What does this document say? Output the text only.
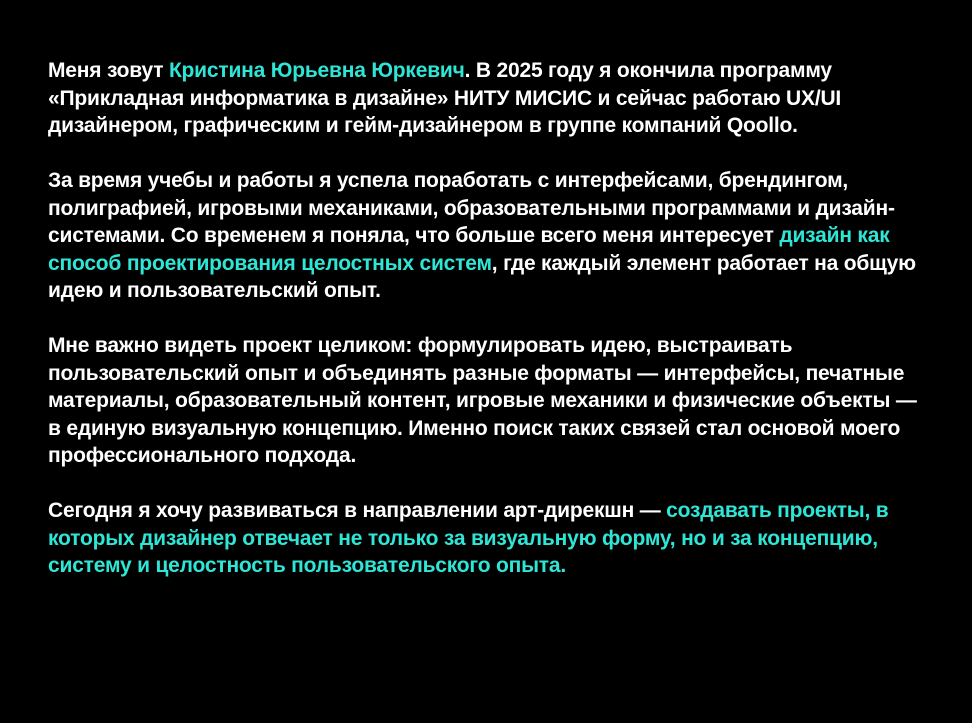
Меня зовут Кристина Юрьевна Юркевич. В 2025 году я окончила программу «Прикладная информатика в дизайне» НИТУ МИСИС и сейчас работаю UX/UI дизайнером, графическим и гейм-дизайнером в группе компаний Qoollo.

За время учебы и работы я успела поработать с интерфейсами, брендингом, полиграфией, игровыми механиками, образовательными программами и дизайн-системами. Со временем я поняла, что больше всего меня интересует дизайн как способ проектирования целостных систем, где каждый элемент работает на общую идею и пользовательский опыт.

Мне важно видеть проект целиком: формулировать идею, выстраивать пользовательский опыт и объединять разные форматы — интерфейсы, печатные материалы, образовательный контент, игровые механики и физические объекты — в единую визуальную концепцию. Именно поиск таких связей стал основой моего профессионального подхода.

Сегодня я хочу развиваться в направлении арт-дирекшн — создавать проекты, в которых дизайнер отвечает не только за визуальную форму, но и за концепцию, систему и целостность пользовательского опыта.
